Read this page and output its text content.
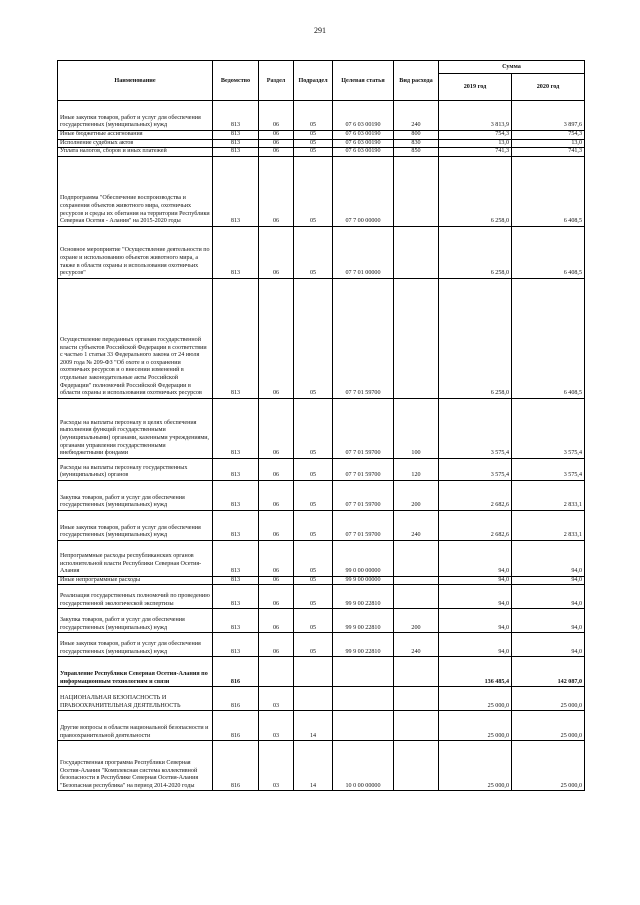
291
Наименование	Ведомство	Раздел	Подраздел	Целевая статья	Вид расхода	Сумма	
						2019 год	2020 год
Иные закупки товаров, работ и услуг для обеспечения государственных (муниципальных) нужд	813	06	05	07 6 03 00190	240	3 813,9	3 897,6
Иные бюджетные ассигнования	813	06	05	07 6 03 00190	800	754,3	754,3
Исполнение судебных актов	813	06	05	07 6 03 00190	830	13,0	13,0
Уплата налогов, сборов и иных платежей	813	06	05	07 6 03 00190	850	741,3	741,3
Подпрограмма "Обеспечение воспроизводства и сохранения объектов животного мира, охотничьих ресурсов и среды их обитания на территории Республики Северная Осетия - Алания" на 2015-2020 годы	813	06	05	07 7 00 00000		6 258,0	6 408,5
Основное мероприятие "Осуществление деятельности по охране и использованию объектов животного мира, а также в области охраны и использования охотничьих ресурсов"	813	06	05	07 7 01 00000		6 258,0	6 408,5
Осуществление переданных органам государственной власти субъектов Российской Федерации в соответствии с частью 1 статьи 33 Федерального закона от 24 июля 2009 года № 209-ФЗ "Об охоте и о сохранении охотничьих ресурсов и о внесении изменений в отдельные законодательные акты Российской Федерации" полномочий Российской Федерации в области охраны и использования охотничьих ресурсов	813	06	05	07 7 01 59700		6 258,0	6 408,5
Расходы на выплаты персоналу в целях обеспечения выполнения функций государственными (муниципальными) органами, казенными учреждениями, органами управления государственными внебюджетными фондами	813	06	05	07 7 01 59700	100	3 575,4	3 575,4
Расходы на выплаты персоналу государственных (муниципальных) органов	813	06	05	07 7 01 59700	120	3 575,4	3 575,4
Закупка товаров, работ и услуг для обеспечения государственных (муниципальных) нужд	813	06	05	07 7 01 59700	200	2 682,6	2 833,1
Иные закупки товаров, работ и услуг для обеспечения государственных (муниципальных) нужд	813	06	05	07 7 01 59700	240	2 682,6	2 833,1
Непрограммные расходы республиканских органов исполнительной власти Республики Северная Осетия-Алания	813	06	05	99 0 00 00000		94,0	94,0
Иные непрограммные расходы	813	06	05	99 9 00 00000		94,0	94,0
Реализация государственных полномочий по проведению государственной экологической экспертизы	813	06	05	99 9 00 22810		94,0	94,0
Закупка товаров, работ и услуг для обеспечения государственных (муниципальных) нужд	813	06	05	99 9 00 22810	200	94,0	94,0
Иные закупки товаров, работ и услуг для обеспечения государственных (муниципальных) нужд	813	06	05	99 9 00 22810	240	94,0	94,0
Управление Республики Северная Осетия-Алания по информационным технологиям и связи	816					136 485,4	142 087,0
НАЦИОНАЛЬНАЯ БЕЗОПАСНОСТЬ И ПРАВООХРАНИТЕЛЬНАЯ ДЕЯТЕЛЬНОСТЬ	816	03				25 000,0	25 000,0
Другие вопросы в области национальной безопасности и правоохранительной деятельности	816	03	14			25 000,0	25 000,0
Государственная программа Республики Северная Осетия-Алания "Комплексная система коллективной безопасности в Республике Северная Осетия-Алания "Безопасная республика" на период 2014-2020 годы	816	03	14	10 0 00 00000		25 000,0	25 000,0
